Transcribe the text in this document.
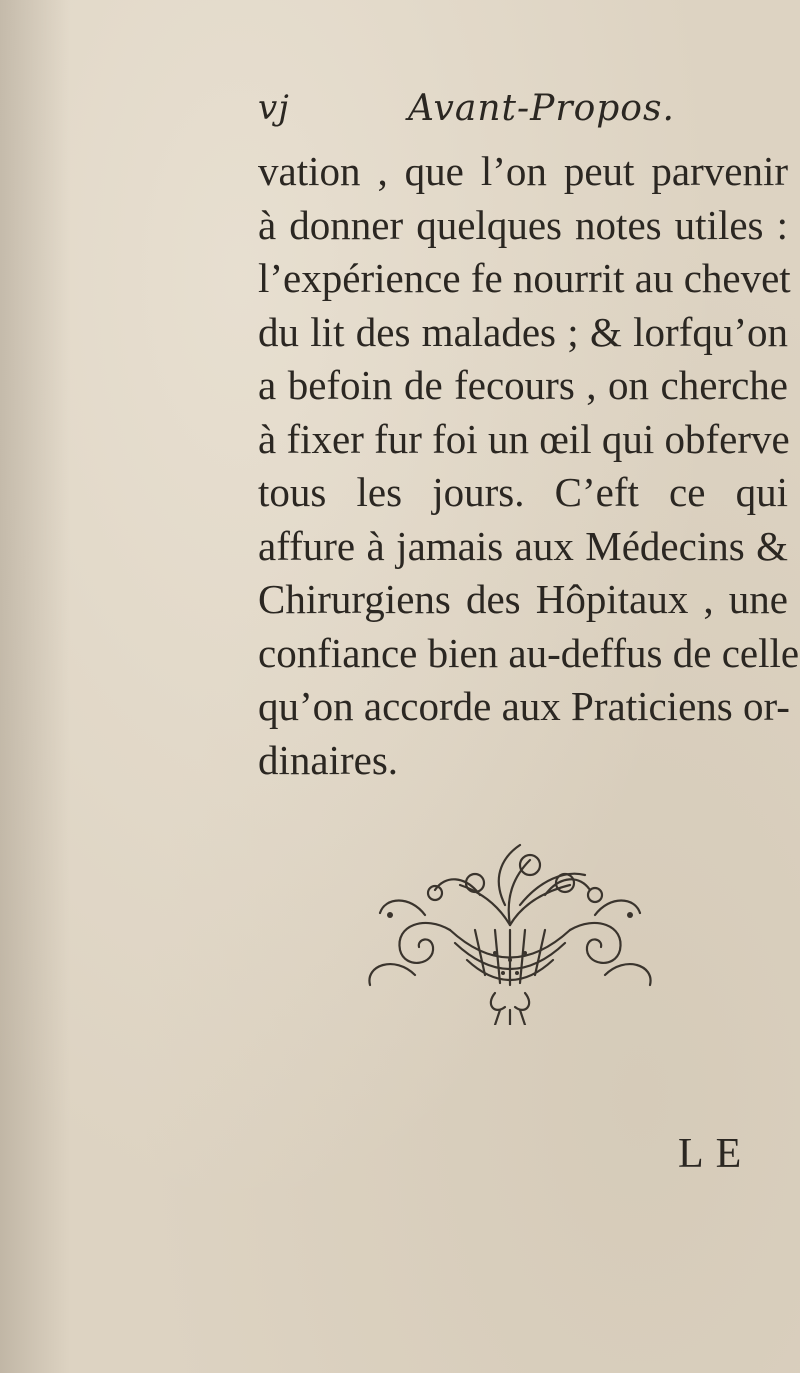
vj	Avant-Propos.
vation , que l’on peut parvenir
à donner quelques notes utiles :
l’expérience fe nourrit au chevet
du lit des malades ; & lorfqu’on
a befoin de fecours , on cherche
à fixer fur foi un œil qui obferve
tous les jours. C’eft ce qui
affure à jamais aux Médecins &
Chirurgiens des Hôpitaux , une
confiance bien au-deffus de celle
qu’on accorde aux Praticiens or-
dinaires.
LE
